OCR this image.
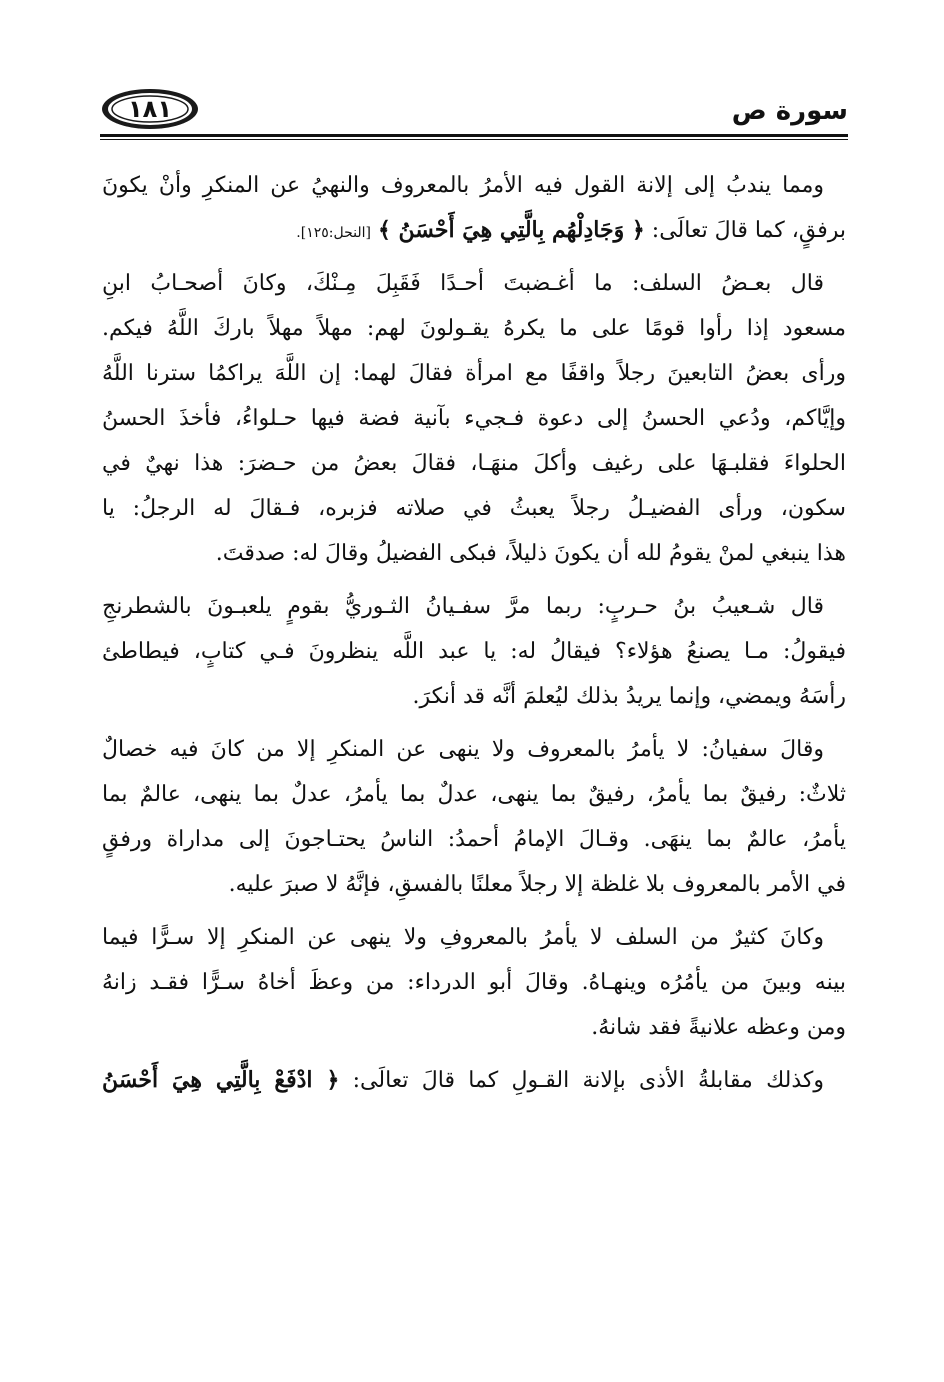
سورة ص
١٨١
ومما يندبُ إلى إلانة القول فيه الأمرُ بالمعروف والنهيُ عن المنكرِ وأنْ يكونَ
برفقٍ، كما قالَ تعالَى: ﴿ وَجَادِلْهُم بِالَّتِي هِيَ أَحْسَنُ ﴾ [النحل:١٢٥].
قال بعـضُ السلف: ما أغـضبتَ أحـدًا فَقَبِلَ مِـنْكَ، وكانَ أصحـابُ ابنِ
مسعود إذا رأوا قومًا على ما يكرهُ يقـولونَ لهم: مهلاً مهلاً باركَ اللَّهُ فيكم.
ورأى بعضُ التابعينَ رجلاً واقفًا مع امرأة فقالَ لهما: إن اللَّهَ يراكمُا سترنا اللَّهُ
وإيَّاكم، ودُعي الحسنُ إلى دعوة فـجيء بآنية فضة فيها حـلواءُ، فأخذَ الحسنُ
الحلواءَ فقلبـهَا على رغيف وأكلَ منهَـا، فقالَ بعضُ من حـضرَ: هذا نهيٌ في
سكون، ورأى الفضيـلُ رجلاً يعبثُ في صلاته فزبره، فـقالَ له الرجلُ: يا
هذا ينبغي لمنْ يقومُ لله أن يكونَ ذليلاً، فبكى الفضيلُ وقالَ له: صدقتَ.
قال شـعيبُ بنُ حـربٍ: ربما مرَّ سفـيانُ الثـوريُّ بقومٍ يلعبـونَ بالشطرنجِ
فيقولُ: مـا يصنعُ هؤلاء؟ فيقالُ له: يا عبد اللَّه ينظرونَ فـي كتابٍ، فيطاطئ
رأسَهُ ويمضي، وإنما يريدُ بذلك ليُعلمَ أنَّه قد أنكرَ.
وقالَ سفيانُ: لا يأمرُ بالمعروف ولا ينهى عن المنكرِ إلا من كانَ فيه خصالٌ
ثلاثٌ: رفيقٌ بما يأمرُ، رفيقٌ بما ينهى، عدلٌ بما يأمرُ، عدلٌ بما ينهى، عالمٌ بما
يأمرُ، عالمٌ بما ينهَى. وقـالَ الإمامُ أحمدُ: الناسُ يحتـاجونَ إلى مداراة ورفقٍ
في الأمر بالمعروف بلا غلظة إلا رجلاً معلنًا بالفسقِ، فإنَّهُ لا صبرَ عليه.
وكانَ كثيرٌ من السلف لا يأمرُ بالمعروفِ ولا ينهى عن المنكرِ إلا سـرًّا فيما
بينه وبينَ من يأمُرُه وينهـاهُ. وقالَ أبو الدرداء: من وعظَ أخاهُ سـرًّا فقـد زانهُ
ومن وعظه علانيةً فقد شانهُ.
وكذلك مقابلةُ الأذى بإلانة القـولِ كما قالَ تعالَى: ﴿ ادْفَعْ بِالَّتِي هِيَ أَحْسَنُ
